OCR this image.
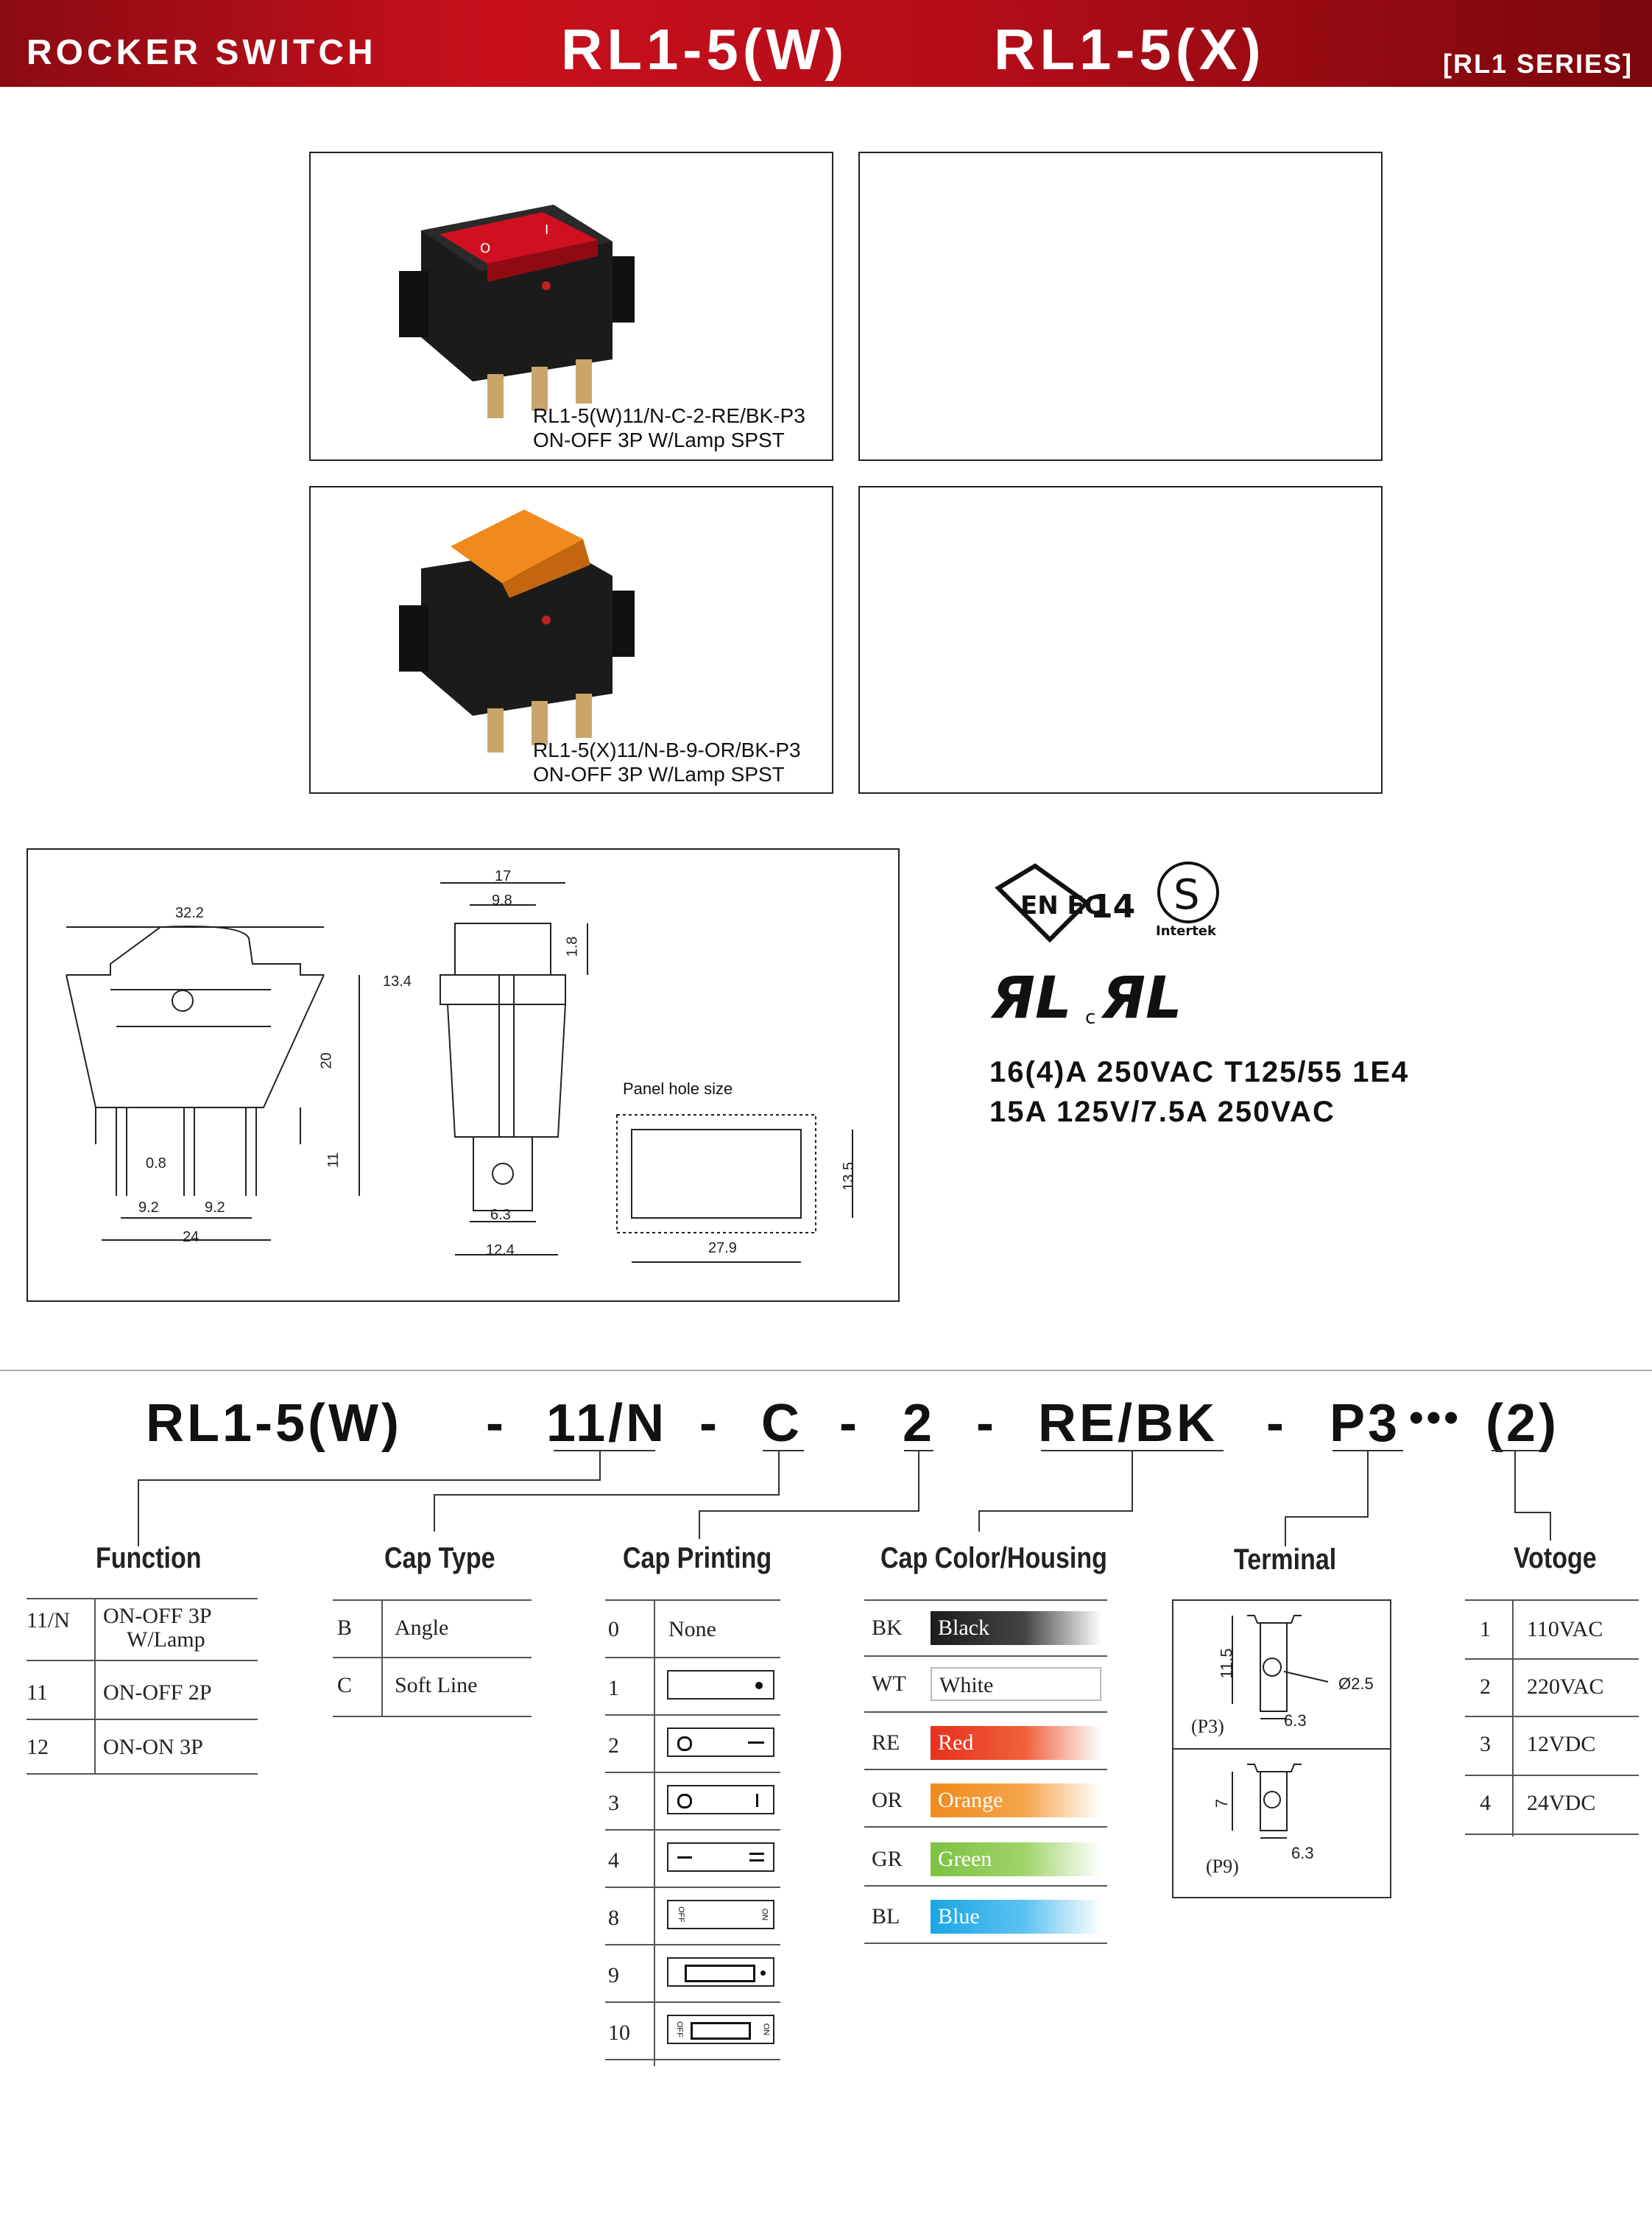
ROCKER SWITCH	RL1-5(W)	RL1-5(X)	[RL1 SERIES]
O
I
RL1-5(W)11/N-C-2-RE/BK-P3
ON-OFF 3P W/Lamp SPST
RL1-5(X)11/N-B-9-OR/BK-P3
ON-OFF 3P W/Lamp SPST
32.2
20
11
0.8
9.2	9.2
24
17
9.8
1.8
13.4
6.3
12.4
Panel hole size
13.5
27.9
EN EC
14 S
Intertek
ЯL c ЯL
16(4)A 250VAC T125/55 1E4
15A 125V/7.5A 250VAC
RL1-5(W) - 11/N - C - 2 - RE/BK - P3 ••• (2)
Function
11/N ON-OFF 3P
W/Lamp
11	ON-OFF 2P
12 ON-ON 3P
Cap Type
B Angle
C Soft Line
Cap Printing
0 None
1
2
3
4
8	OFF	ON
9
10	OFF	ON
Cap Color/Housing
BK	Black
WT	White
RE	Red
OR	Orange
GR	Green
BL	Blue
Terminal
11.5
6.3
Ø2.5
(P3)
7
6.3
(P9)
Votoge
1 110VAC
2 220VAC
3 12VDC
4 24VDC
